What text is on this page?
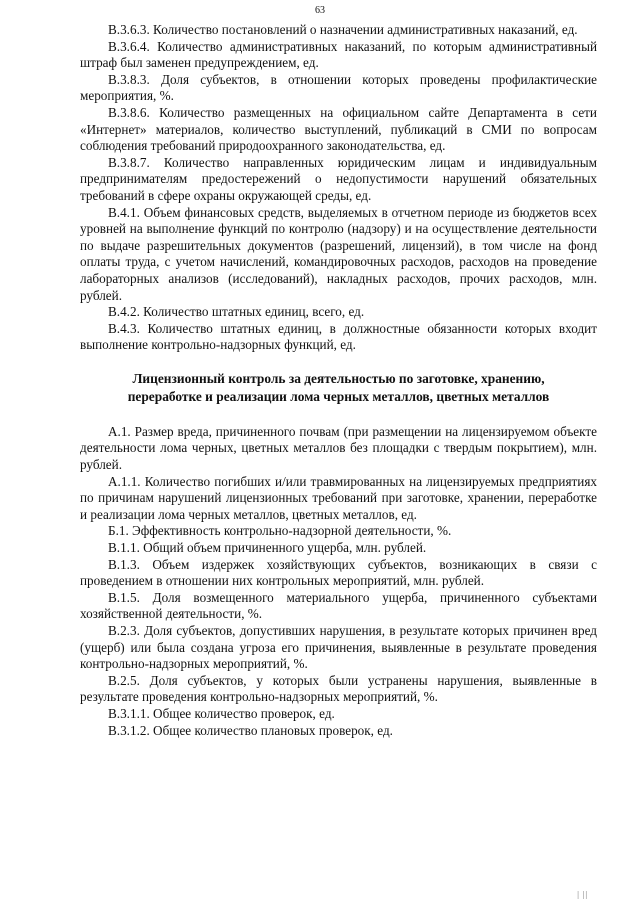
63

В.3.6.3. Количество постановлений о назначении административных наказаний, ед.

В.3.6.4. Количество административных наказаний, по которым административный штраф был заменен предупреждением, ед.

В.3.8.3. Доля субъектов, в отношении которых проведены профилактические мероприятия, %.

В.3.8.6. Количество размещенных на официальном сайте Департамента в сети «Интернет» материалов, количество выступлений, публикаций в СМИ по вопросам соблюдения требований природоохранного законодательства, ед.

В.3.8.7. Количество направленных юридическим лицам и индивидуальным предпринимателям предостережений о недопустимости нарушений обязательных требований в сфере охраны окружающей среды, ед.

В.4.1. Объем финансовых средств, выделяемых в отчетном периоде из бюджетов всех уровней на выполнение функций по контролю (надзору) и на осуществление деятельности по выдаче разрешительных документов (разрешений, лицензий), в том числе на фонд оплаты труда, с учетом начислений, командировочных расходов, расходов на проведение лабораторных анализов (исследований), накладных расходов, прочих расходов, млн. рублей.

В.4.2. Количество штатных единиц, всего, ед.

В.4.3. Количество штатных единиц, в должностные обязанности которых входит выполнение контрольно-надзорных функций, ед.

Лицензионный контроль за деятельностью по заготовке, хранению,
переработке и реализации лома черных металлов, цветных металлов

А.1. Размер вреда, причиненного почвам (при размещении на лицензируемом объекте деятельности лома черных, цветных металлов без площадки с твердым покрытием), млн. рублей.

А.1.1. Количество погибших и/или травмированных на лицензируемых предприятиях по причинам нарушений лицензионных требований при заготовке, хранении, переработке и реализации лома черных металлов, цветных металлов, ед.

Б.1. Эффективность контрольно-надзорной деятельности, %.

В.1.1. Общий объем причиненного ущерба, млн. рублей.

В.1.3. Объем издержек хозяйствующих субъектов, возникающих в связи с проведением в отношении них контрольных мероприятий, млн. рублей.

В.1.5. Доля возмещенного материального ущерба, причиненного субъектами хозяйственной деятельности, %.

В.2.3. Доля субъектов, допустивших нарушения, в результате которых причинен вред (ущерб) или была создана угроза его причинения, выявленные в результате проведения контрольно-надзорных мероприятий, %.

В.2.5. Доля субъектов, у которых были устранены нарушения, выявленные в результате проведения контрольно-надзорных мероприятий, %.

В.3.1.1. Общее количество проверок, ед.

В.3.1.2. Общее количество плановых проверок, ед.

| ||
